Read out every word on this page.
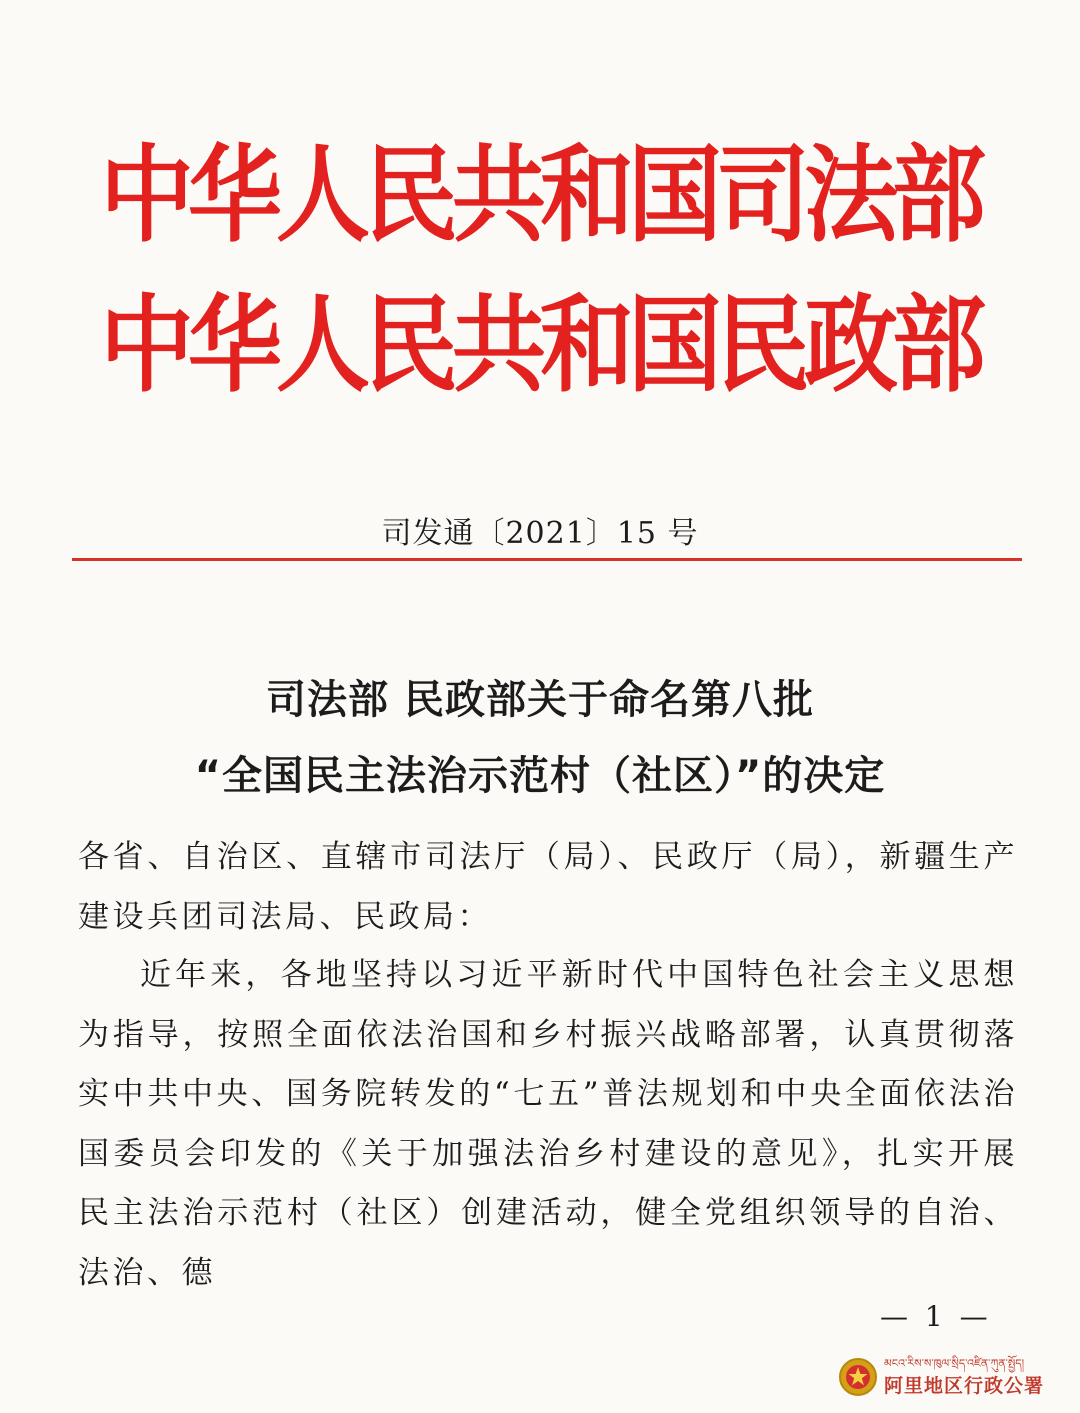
中华人民共和国司法部
中华人民共和国民政部
司发通〔2021〕15 号
司法部 民政部关于命名第八批
“全国民主法治示范村（社区）”的决定
各省、自治区、直辖市司法厅（局）、民政厅（局），新疆生产建设兵团司法局、民政局：
近年来，各地坚持以习近平新时代中国特色社会主义思想为指导，按照全面依法治国和乡村振兴战略部署，认真贯彻落实中共中央、国务院转发的“七五”普法规划和中央全面依法治国委员会印发的《关于加强法治乡村建设的意见》，扎实开展民主法治示范村（社区）创建活动，健全党组织领导的自治、法治、德
— 1 —
མངའ་རིས་ས་ཁུལ་སྲིད་འཛིན་ཀུན་སྤྱོད།
阿里地区行政公署
